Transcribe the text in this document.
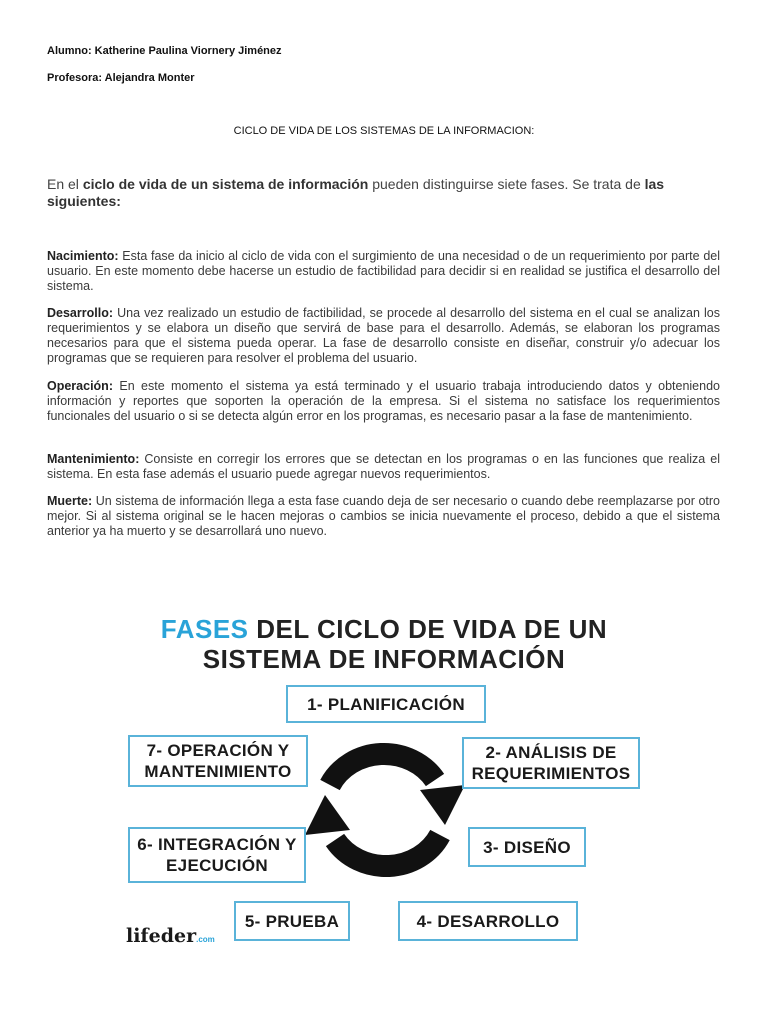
Alumno: Katherine Paulina Viornery Jiménez
Profesora: Alejandra Monter
CICLO DE VIDA DE LOS SISTEMAS DE LA INFORMACION:
En el ciclo de vida de un sistema de información pueden distinguirse siete fases. Se trata de las siguientes:
Nacimiento: Esta fase da inicio al ciclo de vida con el surgimiento de una necesidad o de un requerimiento por parte del usuario. En este momento debe hacerse un estudio de factibilidad para decidir si en realidad se justifica el desarrollo del sistema.
Desarrollo: Una vez realizado un estudio de factibilidad, se procede al desarrollo del sistema en el cual se analizan los requerimientos y se elabora un diseño que servirá de base para el desarrollo. Además, se elaboran los programas necesarios para que el sistema pueda operar. La fase de desarrollo consiste en diseñar, construir y/o adecuar los programas que se requieren para resolver el problema del usuario.
Operación: En este momento el sistema ya está terminado y el usuario trabaja introduciendo datos y obteniendo información y reportes que soporten la operación de la empresa. Si el sistema no satisface los requerimientos funcionales del usuario o si se detecta algún error en los programas, es necesario pasar a la fase de mantenimiento.
Mantenimiento: Consiste en corregir los errores que se detectan en los programas o en las funciones que realiza el sistema. En esta fase además el usuario puede agregar nuevos requerimientos.
Muerte: Un sistema de información llega a esta fase cuando deja de ser necesario o cuando debe reemplazarse por otro mejor. Si al sistema original se le hacen mejoras o cambios se inicia nuevamente el proceso, debido a que el sistema anterior ya ha muerto y se desarrollará uno nuevo.
FASES DEL CICLO DE VIDA DE UN
SISTEMA DE INFORMACIÓN
1- PLANIFICACIÓN
2- ANÁLISIS DE REQUERIMIENTOS
3- DISEÑO
4- DESARROLLO
5- PRUEBA
6- INTEGRACIÓN Y EJECUCIÓN
7- OPERACIÓN Y MANTENIMIENTO
lifeder.com
